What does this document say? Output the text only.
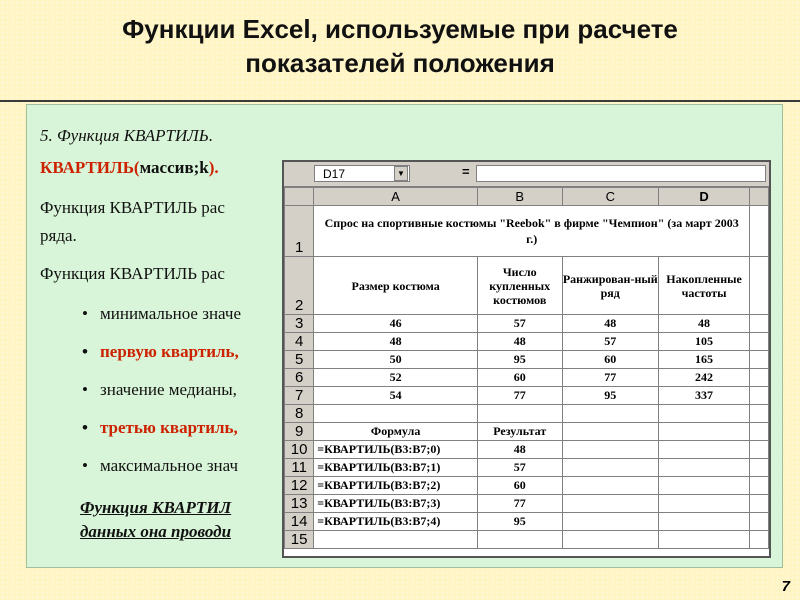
Функции Excel, используемые при расчете
показателей положения
5. Функция КВАРТИЛЬ.
КВАРТИЛЬ(массив;k).
Функция КВАРТИЛЬ рас
ряда.
Функция КВАРТИЛЬ рас
• минимальное значе
• первую квартиль,
• значение медианы,
• третью квартиль,
• максимальное знач
Функция КВАРТИЛ
данных она проводи
D17	▼	=
	A	B	C	D	
1	Спрос на спортивные костюмы "Reebok" в фирме "Чемпион" (за март 2003 г.)				
2	Размер костюма	Число купленных костюмов	Ранжирован-ный ряд	Накопленные частоты	
3	46	57	48	48	
4	48	48	57	105	
5	50	95	60	165	
6	52	60	77	242	
7	54	77	95	337	
8					
9	Формула	Результат			
10	=КВАРТИЛЬ(B3:B7;0)	48			
11	=КВАРТИЛЬ(B3:B7;1)	57			
12	=КВАРТИЛЬ(B3:B7;2)	60			
13	=КВАРТИЛЬ(B3:B7;3)	77			
14	=КВАРТИЛЬ(B3:B7;4)	95			
15					
7
